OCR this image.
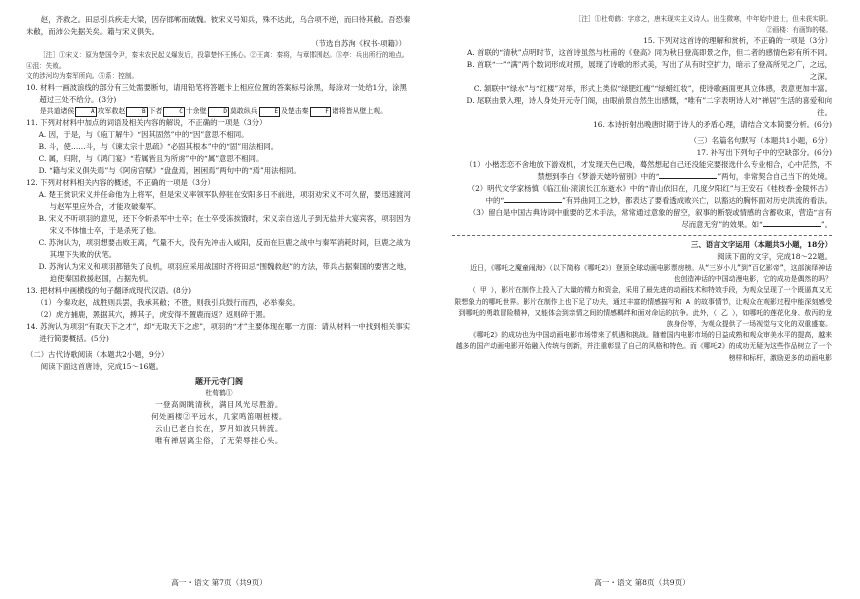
赵，齐救之。田忌引兵疾走大梁，因存邯郸而破魏。彼宋义号知兵，殊不达此，乌合项不逆，而曰待其敝。吾恐秦未敝，而沛公先据关矣。籍与宋义俱失。

（节选自苏洵《权书·项籍》）

［注］①宋义：原为楚国令尹，秦末农民起义爆发后，投靠楚怀王熊心。②王离：秦将，与章邯围赵。③亭：兵出所行的地点。④沮：失败。

文的涉河均为秦军所向。⑤系：控制。

10. 材料一画波浪线的部分有三处需要断句，请用铅笔将答题卡上相应位置的答案标号涂黑，每涂对一处给1分，涂黑超过三处不给分。(3分)

是共道诸侯	A 攻军救赵	B 下者	C 十余壁	D 莫敢纵兵	E 及楚击秦	F 诸将皆从壁上观。

11. 下列对材料中加点的词语及相关内容的解说，不正确的一项是（3分）

A. 因，于是，与《庖丁解牛》“因其固然”中的“因”意思不相同。

B. 斗，使……斗，与《谏太宗十思疏》“必固其根本”中的“固”用法相同。

C. 属，归附，与《鸿门宴》“若属皆且为所虏”中的“属”意思不相同。

D. “籍与宋义俱失焉”与《阿房宫赋》“盘盘焉，困困焉”两句中的“焉”用法相同。

12. 下列对材料相关内容的概述，不正确的一项是（3分）

A. 楚王赏识宋义并任命他为上将军，但是宋义率领军队停驻在安阳多日不前进，项羽劝宋义不可久留，要迅速渡河与赵军里应外合，才能攻破秦军。

B. 宋义不听项羽的意见，还下令斩杀军中士卒；在士卒受冻挨饿时，宋义亲自送儿子到无盐并大宴宾客，项羽因为宋义不体恤士卒，于是杀死了他。

C. 苏洵认为，项羽想要击败王离，气量不大，没有先冲击入咸阳，反而在巨鹿之战中与秦军消耗时间，巨鹿之战为其埋下失败的伏笔。

D. 苏洵认为宋义和项羽都错失了良机，项羽应采用战国时齐将田忌“围魏救赵”的方法，带兵占据秦国的要害之地，迫使秦国救援赵国，占据先机。

13. 把材料中画横线的句子翻译成现代汉语。(8分)

（1）今秦攻赵，战胜则兵罢，我承其敝；不胜，则我引兵鼓行而西，必举秦矣。

（2）虎方捕鹿，罴据其穴，搏其子，虎安得不置鹿而返？返则碎于罴。

14. 苏洵认为项羽“有取天下之才”，却“无取天下之虑”，项羽的“才”主要体现在哪一方面：请从材料一中找到相关事实进行简要概括。(5分)

（二）古代诗歌阅读（本题共2小题，9分）

阅读下面这首唐诗，完成15～16题。

题开元寺门阁

杜荀鹤①

一登高阁眺清秋，满目风光尽胜游。

何处画楼②平远水，几家鸣笛咽桩楼。

云山已老白长在，罗月如波只转流。

唯有禅居离尘俗，了无荣辱挂心头。

［注］①杜荀鹤：字彦之，唐末现实主义诗人。出生微寒，中年始中进士，但未获实职。

②画楼：有画饰的楼。

15. 下列对这首诗的理解和赏析，不正确的一项是（3分）

A. 首联的“清秋”点明时节，这首诗虽然与杜甫的《登高》同为秋日登高即景之作，但二者的感情色彩有所不同。

B. 首联“一”“满”两个数词形成对照，展现了诗歌的形式美，写出了从有时空扩力，暗示了登高所见之广，之远，之深。

C. 颔联中“绿水”与“红楼”对举，形式上类似“绿肥红瘦”“绿蜡红妆”，使诗歌画面更具立体感，表意更加丰富。

D. 尾联由景入理，诗人身处开元寺门阁，由眼前景自然生出感慨，“唯有”二字表明诗人对“禅居”生活的喜爱和向往。

16. 本诗折射出晚唐时期于诗人的矛盾心理，请结合文本简要分析。(6分)

（三）名篇名句默写（本题共1小题，6分）

17. 补写出下列句子中的空缺部分。(6分)

（1）小楷恋恋不舍地放下游戏机，才发现天色已晚，蓦然想起自己还没能完要报选什么专业相合，心中茫然，不禁想到李白《梦游天姥吟留别》中的“	”两句，非常契合自己当下的处境。

（2）明代文学家杨慎《临江仙·滚滚长江东逝水》中的“青山依旧在，几度夕阳红”与王安石《桂枝香·金陵怀古》中的“	”有异曲同工之妙，都表达了要看透成败兴亡，以豁达的胸怀面对历史洪流的看法。

（3）留白是中国古典诗词中重要的艺术手法，常常通过意象的留空，叙事的断裂或情感的含蓄收束，营造“言有尽而意无穷”的效果。如“	”。

三、语言文字运用（本题共5小题，18分）

阅读下面的文字，完成18～22题。

近日，《哪吒之魔童闹海》（以下简称《哪吒2》）登顶全球动画电影票房榜。从“三岁小儿”到“百亿影帝”，这部演绎神话也创造神话的中国动漫电影，它的成功是偶然的吗？

（ 甲 ），影片在制作上投入了大量的精力和资金，采用了最先进的动画技术和特效手段，为观众呈现了一个既逼真又无限想象力的哪吒世界。影片在制作上也下足了功夫，通过丰富的情感描写和 A 的故事情节，让观众在观影过程中能深刻感受到哪吒的勇敢冒险精神，又能体会到亲情之间的情感羁绊和面对命运的抗争。此外，（ 乙 ），如哪吒的莲花化身、敖丙的龙族身份等，为观众提供了一场视觉与文化的双重盛宴。

《哪吒2》的成功也为中国动画电影市场带来了机遇和挑战。随着国内电影市场的日益成熟和观众审美水平的提高，越来越多的国产动画电影开始融入传统与创新，并注重彰显了自己的风格和特色。而《哪吒2》的成功无疑为这些作品树立了一个榜样和标杆，激励更多的动画电影

高一・语文 第7页（共9页）	高一・语文 第8页（共9页）
